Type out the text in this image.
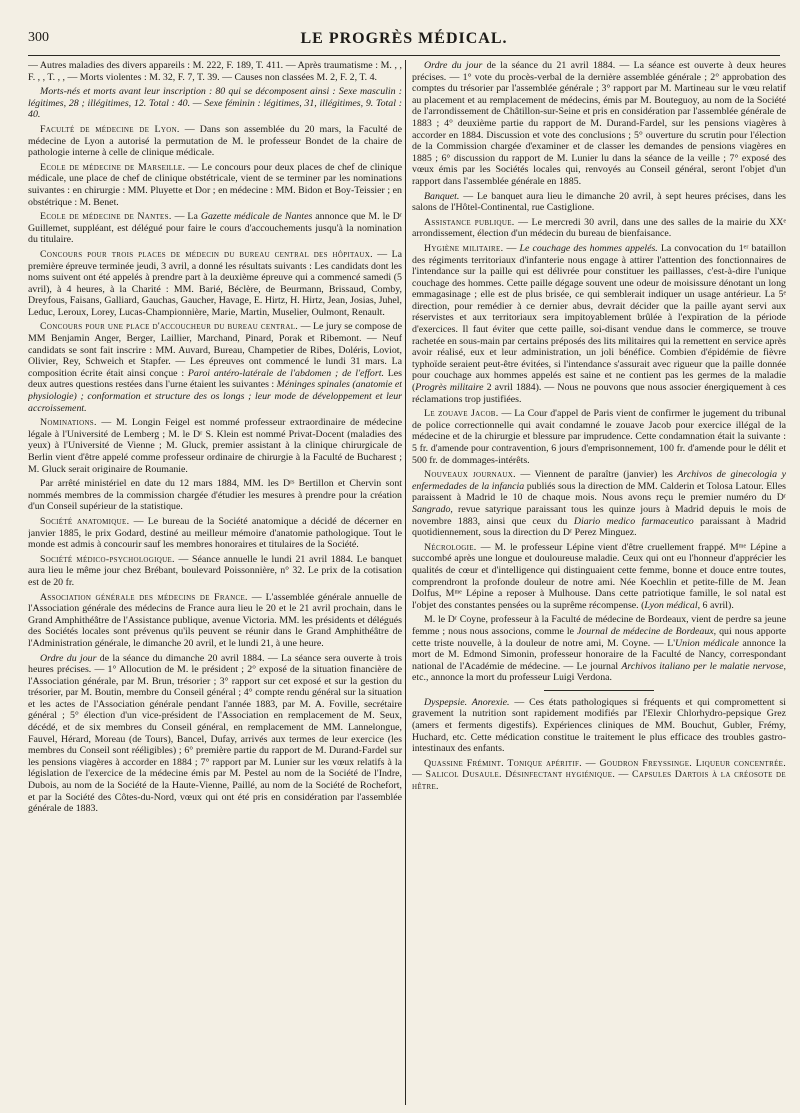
300	LE PROGRÈS MÉDICAL.

— Autres maladies des divers appareils : M. 222, F. 189, T. 411. — Après traumatisme : M. , , F. , , T. , , — Morts violentes : M. 32, F. 7, T. 39. — Causes non classées M. 2, F. 2, T. 4.

Morts-nés et morts avant leur inscription : 80 qui se décomposent ainsi : Sexe masculin : légitimes, 28 ; illégitimes, 12. Total : 40. — Sexe féminin : légitimes, 31, illégitimes, 9. Total : 40.

Faculté de médecine de Lyon. — Dans son assemblée du 20 mars, la Faculté de médecine de Lyon a autorisé la permutation de M. le professeur Bondet de la chaire de pathologie interne à celle de clinique médicale.

Ecole de médecine de Marseille. — Le concours pour deux places de chef de clinique médicale, une place de chef de clinique obstétricale, vient de se terminer par les nominations suivantes : en chirurgie : MM. Pluyette et Dor ; en médecine : MM. Bidon et Boy-Teissier ; en obstétrique : M. Benet.

Ecole de médecine de Nantes. — La Gazette médicale de Nantes annonce que M. le Dʳ Guillemet, suppléant, est délégué pour faire le cours d'accouchements jusqu'à la nomination du titulaire.

Concours pour trois places de médecin du bureau central des hôpitaux. — La première épreuve terminée jeudi, 3 avril, a donné les résultats suivants : Les candidats dont les noms suivent ont été appelés à prendre part à la deuxième épreuve qui a commencé samedi (5 avril), à 4 heures, à la Charité : MM. Barié, Béclère, de Beurmann, Brissaud, Comby, Dreyfous, Faisans, Galliard, Gauchas, Gaucher, Havage, E. Hirtz, H. Hirtz, Jean, Josias, Juhel, Leduc, Leroux, Lorey, Lucas-Championnière, Marie, Martin, Muselier, Oulmont, Renault.

Concours pour une place d'accoucheur du bureau central. — Le jury se compose de MM Benjamin Anger, Berger, Laillier, Marchand, Pinard, Porak et Ribemont. — Neuf candidats se sont fait inscrire : MM. Auvard, Bureau, Champetier de Ribes, Doléris, Loviot, Olivier, Rey, Schweich et Stapfer. — Les épreuves ont commencé le lundi 31 mars. La composition écrite était ainsi conçue : Paroi antéro-latérale de l'abdomen ; de l'effort. Les deux autres questions restées dans l'urne étaient les suivantes : Méninges spinales (anatomie et physiologie) ; conformation et structure des os longs ; leur mode de développement et leur accroissement.

Nominations. — M. Longin Feigel est nommé professeur extraordinaire de médecine légale à l'Université de Lemberg ; M. le Dʳ S. Klein est nommé Privat-Docent (maladies des yeux) à l'Université de Vienne ; M. Gluck, premier assistant à la clinique chirurgicale de Berlin vient d'être appelé comme professeur ordinaire de chirurgie à la Faculté de Bucharest ; M. Gluck serait originaire de Roumanie.

Par arrêté ministériel en date du 12 mars 1884, MM. les Dʳˢ Bertillon et Chervin sont nommés membres de la commission chargée d'étudier les mesures à prendre pour la création d'un Conseil supérieur de la statistique.

Société anatomique. — Le bureau de la Société anatomique a décidé de décerner en janvier 1885, le prix Godard, destiné au meilleur mémoire d'anatomie pathologique. Tout le monde est admis à concourir sauf les membres honoraires et titulaires de la Société.

Société médico-psychologique. — Séance annuelle le lundi 21 avril 1884. Le banquet aura lieu le même jour chez Brébant, boulevard Poissonnière, n° 32. Le prix de la cotisation est de 20 fr.

Association générale des médecins de France. — L'assemblée générale annuelle de l'Association générale des médecins de France aura lieu le 20 et le 21 avril prochain, dans le Grand Amphithéâtre de l'Assistance publique, avenue Victoria. MM. les présidents et délégués des Sociétés locales sont prévenus qu'ils peuvent se réunir dans le Grand Amphithéâtre de l'Administration générale, le dimanche 20 avril, et le lundi 21, à une heure.

Ordre du jour de la séance du dimanche 20 avril 1884. — La séance sera ouverte à trois heures précises. — 1° Allocution de M. le président ; 2° exposé de la situation financière de l'Association générale, par M. Brun, trésorier ; 3° rapport sur cet exposé et sur la gestion du trésorier, par M. Boutin, membre du Conseil général ; 4° compte rendu général sur la situation et les actes de l'Association générale pendant l'année 1883, par M. A. Foville, secrétaire général ; 5° élection d'un vice-président de l'Association en remplacement de M. Seux, décédé, et de six membres du Conseil général, en remplacement de MM. Lannelongue, Fauvel, Hérard, Moreau (de Tours), Bancel, Dufay, arrivés aux termes de leur exercice (les membres du Conseil sont rééligibles) ; 6° première partie du rapport de M. Durand-Fardel sur les pensions viagères à accorder en 1884 ; 7° rapport par M. Lunier sur les vœux relatifs à la législation de l'exercice de la médecine émis par M. Pestel au nom de la Société de l'Indre, Dubois, au nom de la Société de la Haute-Vienne, Paillé, au nom de la Société de Rochefort, et par la Société des Côtes-du-Nord, vœux qui ont été pris en considération par l'assemblée générale de 1883.

Ordre du jour de la séance du 21 avril 1884. — La séance est ouverte à deux heures précises. — 1° vote du procès-verbal de la dernière assemblée générale ; 2° approbation des comptes du trésorier par l'assemblée générale ; 3° rapport par M. Martineau sur le vœu relatif au placement et au remplacement de médecins, émis par M. Bouteguoy, au nom de la Société de l'arrondissement de Châtillon-sur-Seine et pris en considération par l'assemblée générale de 1883 ; 4° deuxième partie du rapport de M. Durand-Fardel, sur les pensions viagères à accorder en 1884. Discussion et vote des conclusions ; 5° ouverture du scrutin pour l'élection de la Commission chargée d'examiner et de classer les demandes de pensions viagères en 1885 ; 6° discussion du rapport de M. Lunier lu dans la séance de la veille ; 7° exposé des vœux émis par les Sociétés locales qui, renvoyés au Conseil général, seront l'objet d'un rapport dans l'assemblée générale en 1885.

Banquet. — Le banquet aura lieu le dimanche 20 avril, à sept heures précises, dans les salons de l'Hôtel-Continental, rue Castiglione.

Assistance publique. — Le mercredi 30 avril, dans une des salles de la mairie du XXᵉ arrondissement, élection d'un médecin du bureau de bienfaisance.

Hygiène militaire. — Le couchage des hommes appelés. La convocation du 1ᵉʳ bataillon des régiments territoriaux d'infanterie nous engage à attirer l'attention des fonctionnaires de l'intendance sur la paille qui est délivrée pour constituer les paillasses, c'est-à-dire l'unique couchage des hommes. Cette paille dégage souvent une odeur de moisissure dénotant un long emmagasinage ; elle est de plus brisée, ce qui semblerait indiquer un usage antérieur. La 5ᵉ direction, pour remédier à ce dernier abus, devrait décider que la paille ayant servi aux réservistes et aux territoriaux sera impitoyablement brûlée à l'expiration de la période d'exercices. Il faut éviter que cette paille, soi-disant vendue dans le commerce, se trouve rachetée en sous-main par certains préposés des lits militaires qui la remettent en service après avoir réalisé, eux et leur administration, un joli bénéfice. Combien d'épidémie de fièvre typhoïde seraient peut-être évitées, si l'intendance s'assurait avec rigueur que la paille donnée pour couchage aux hommes appelés est saine et ne contient pas les germes de la maladie (Progrès militaire 2 avril 1884). — Nous ne pouvons que nous associer énergiquement à ces réclamations trop justifiées.

Le zouave Jacob. — La Cour d'appel de Paris vient de confirmer le jugement du tribunal de police correctionnelle qui avait condamné le zouave Jacob pour exercice illégal de la médecine et de la chirurgie et blessure par imprudence. Cette condamnation était la suivante : 5 fr. d'amende pour contravention, 6 jours d'emprisonnement, 100 fr. d'amende pour le délit et 500 fr. de dommages-intérêts.

Nouveaux journaux. — Viennent de paraître (janvier) les Archivos de ginecologia y enfermedades de la infancia publiés sous la direction de MM. Calderin et Tolosa Latour. Elles paraissent à Madrid le 10 de chaque mois. Nous avons reçu le premier numéro du Dʳ Sangrado, revue satyrique paraissant tous les quinze jours à Madrid depuis le mois de novembre 1883, ainsi que ceux du Diario medico farmaceutico paraissant à Madrid quotidiennement, sous la direction du Dʳ Perez Minguez.

Nécrologie. — M. le professeur Lépine vient d'être cruellement frappé. Mᵐᵉ Lépine a succombé après une longue et douloureuse maladie. Ceux qui ont eu l'honneur d'apprécier les qualités de cœur et d'intelligence qui distinguaient cette femme, bonne et douce entre toutes, comprendront la profonde douleur de notre ami. Née Koechlin et petite-fille de M. Jean Dolfus, Mᵐᵉ Lépine a reposer à Mulhouse. Dans cette patriotique famille, le sol natal est l'objet des constantes pensées ou la suprême récompense. (Lyon médical, 6 avril).

M. le Dʳ Coyne, professeur à la Faculté de médecine de Bordeaux, vient de perdre sa jeune femme ; nous nous associons, comme le Journal de médecine de Bordeaux, qui nous apporte cette triste nouvelle, à la douleur de notre ami, M. Coyne. — L'Union médicale annonce la mort de M. Edmond Simonin, professeur honoraire de la Faculté de Nancy, correspondant national de l'Académie de médecine. — Le journal Archivos italiano per le malatie nervose, etc., annonce la mort du professeur Luigi Verdona.

Dyspepsie. Anorexie. — Ces états pathologiques si fréquents et qui compromettent si gravement la nutrition sont rapidement modifiés par l'Elexir Chlorhydro-pepsique Grez (amers et ferments digestifs). Expériences cliniques de MM. Bouchut, Gubler, Frémy, Huchard, etc. Cette médication constitue le traitement le plus efficace des troubles gastro-intestinaux des enfants.

Quassine Frémint. Tonique apéritif. — Goudron Freyssinge. Liqueur concentrée. — Salicol Dusaule. Désinfectant hygiénique. — Capsules Dartois à la créosote de hêtre.
